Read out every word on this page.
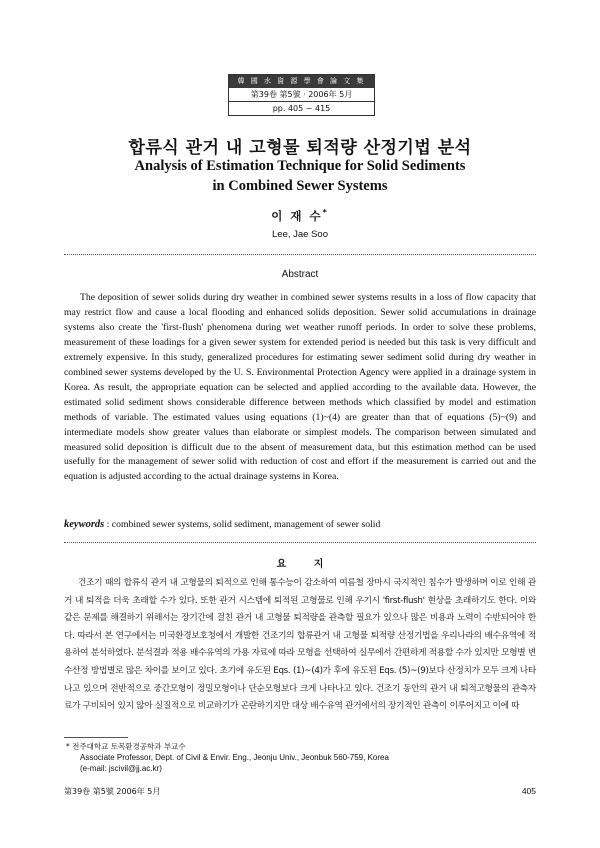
韓 國 水 資 源 學 會 論 文 集
第39卷 第5號 · 2006年 5月
pp. 405 ~ 415
합류식 관거 내 고형물 퇴적량 산정기법 분석
Analysis of Estimation Technique for Solid Sediments
in Combined Sewer Systems
이 재 수*
Lee, Jae Soo
Abstract
The deposition of sewer solids during dry weather in combined sewer systems results in a loss of flow capacity that may restrict flow and cause a local flooding and enhanced solids deposition. Sewer solid accumulations in drainage systems also create the 'first-flush' phenomena during wet weather runoff periods. In order to solve these problems, measurement of these loadings for a given sewer system for extended period is needed but this task is very difficult and extremely expensive. In this study, generalized procedures for estimating sewer sediment solid during dry weather in combined sewer systems developed by the U. S. Environmental Protection Agency were applied in a drainage system in Korea. As result, the appropriate equation can be selected and applied according to the available data. However, the estimated solid sediment shows considerable difference between methods which classified by model and estimation methods of variable. The estimated values using equations (1)~(4) are greater than that of equations (5)~(9) and intermediate models show greater values than elaborate or simplest models. The comparison between simulated and measured solid deposition is difficult due to the absent of measurement data, but this estimation method can be used usefully for the management of sewer solid with reduction of cost and effort if the measurement is carried out and the equation is adjusted according to the actual drainage systems in Korea.
keywords : combined sewer systems, solid sediment, management of sewer solid
요 지
건조기 때의 합류식 관거 내 고형물의 퇴적으로 인해 통수능이 감소하여 여름철 장마시 국지적인 침수가 발생하며 이로 인해 관거 내 퇴적을 더욱 초래할 수가 있다. 또한 관거 시스템에 퇴적된 고형물로 인해 우기시 'first-flush' 현상을 초래하기도 한다. 이와 같은 문제를 해결하기 위해서는 장기간에 걸친 관거 내 고형물 퇴적량을 관측할 필요가 있으나 많은 비용과 노력이 수반되어야 한다. 따라서 본 연구에서는 미국환경보호청에서 개발한 건조기의 합류관거 내 고형물 퇴적량 산정기법을 우리나라의 배수유역에 적용하여 분석하였다. 분석결과 적용 배수유역의 가용 자료에 따라 모형을 선택하여 실무에서 간편하게 적용할 수가 있지만 모형별 변수산정 방법별로 많은 차이를 보이고 있다. 초기에 유도된 Eqs. (1)~(4)가 후에 유도된 Eqs. (5)~(9)보다 산정치가 모두 크게 나타나고 있으며 전반적으로 중간모형이 정밀모형이나 단순모형보다 크게 나타나고 있다. 건조기 동안의 관거 내 퇴적고형물의 관측자료가 구비되어 있지 않아 실질적으로 비교하기가 곤란하기지만 대상 배수유역 관거에서의 장기적인 관측이 이루어지고 이에 따
* 전주대학교 토목환경공학과 부교수
Associate Professor, Dept. of Civil & Envir. Eng., Jeonju Univ., Jeonbuk 560-759, Korea
(e-mail: jscivil@jj.ac.kr)
第39卷 第5號 2006年 5月	405
